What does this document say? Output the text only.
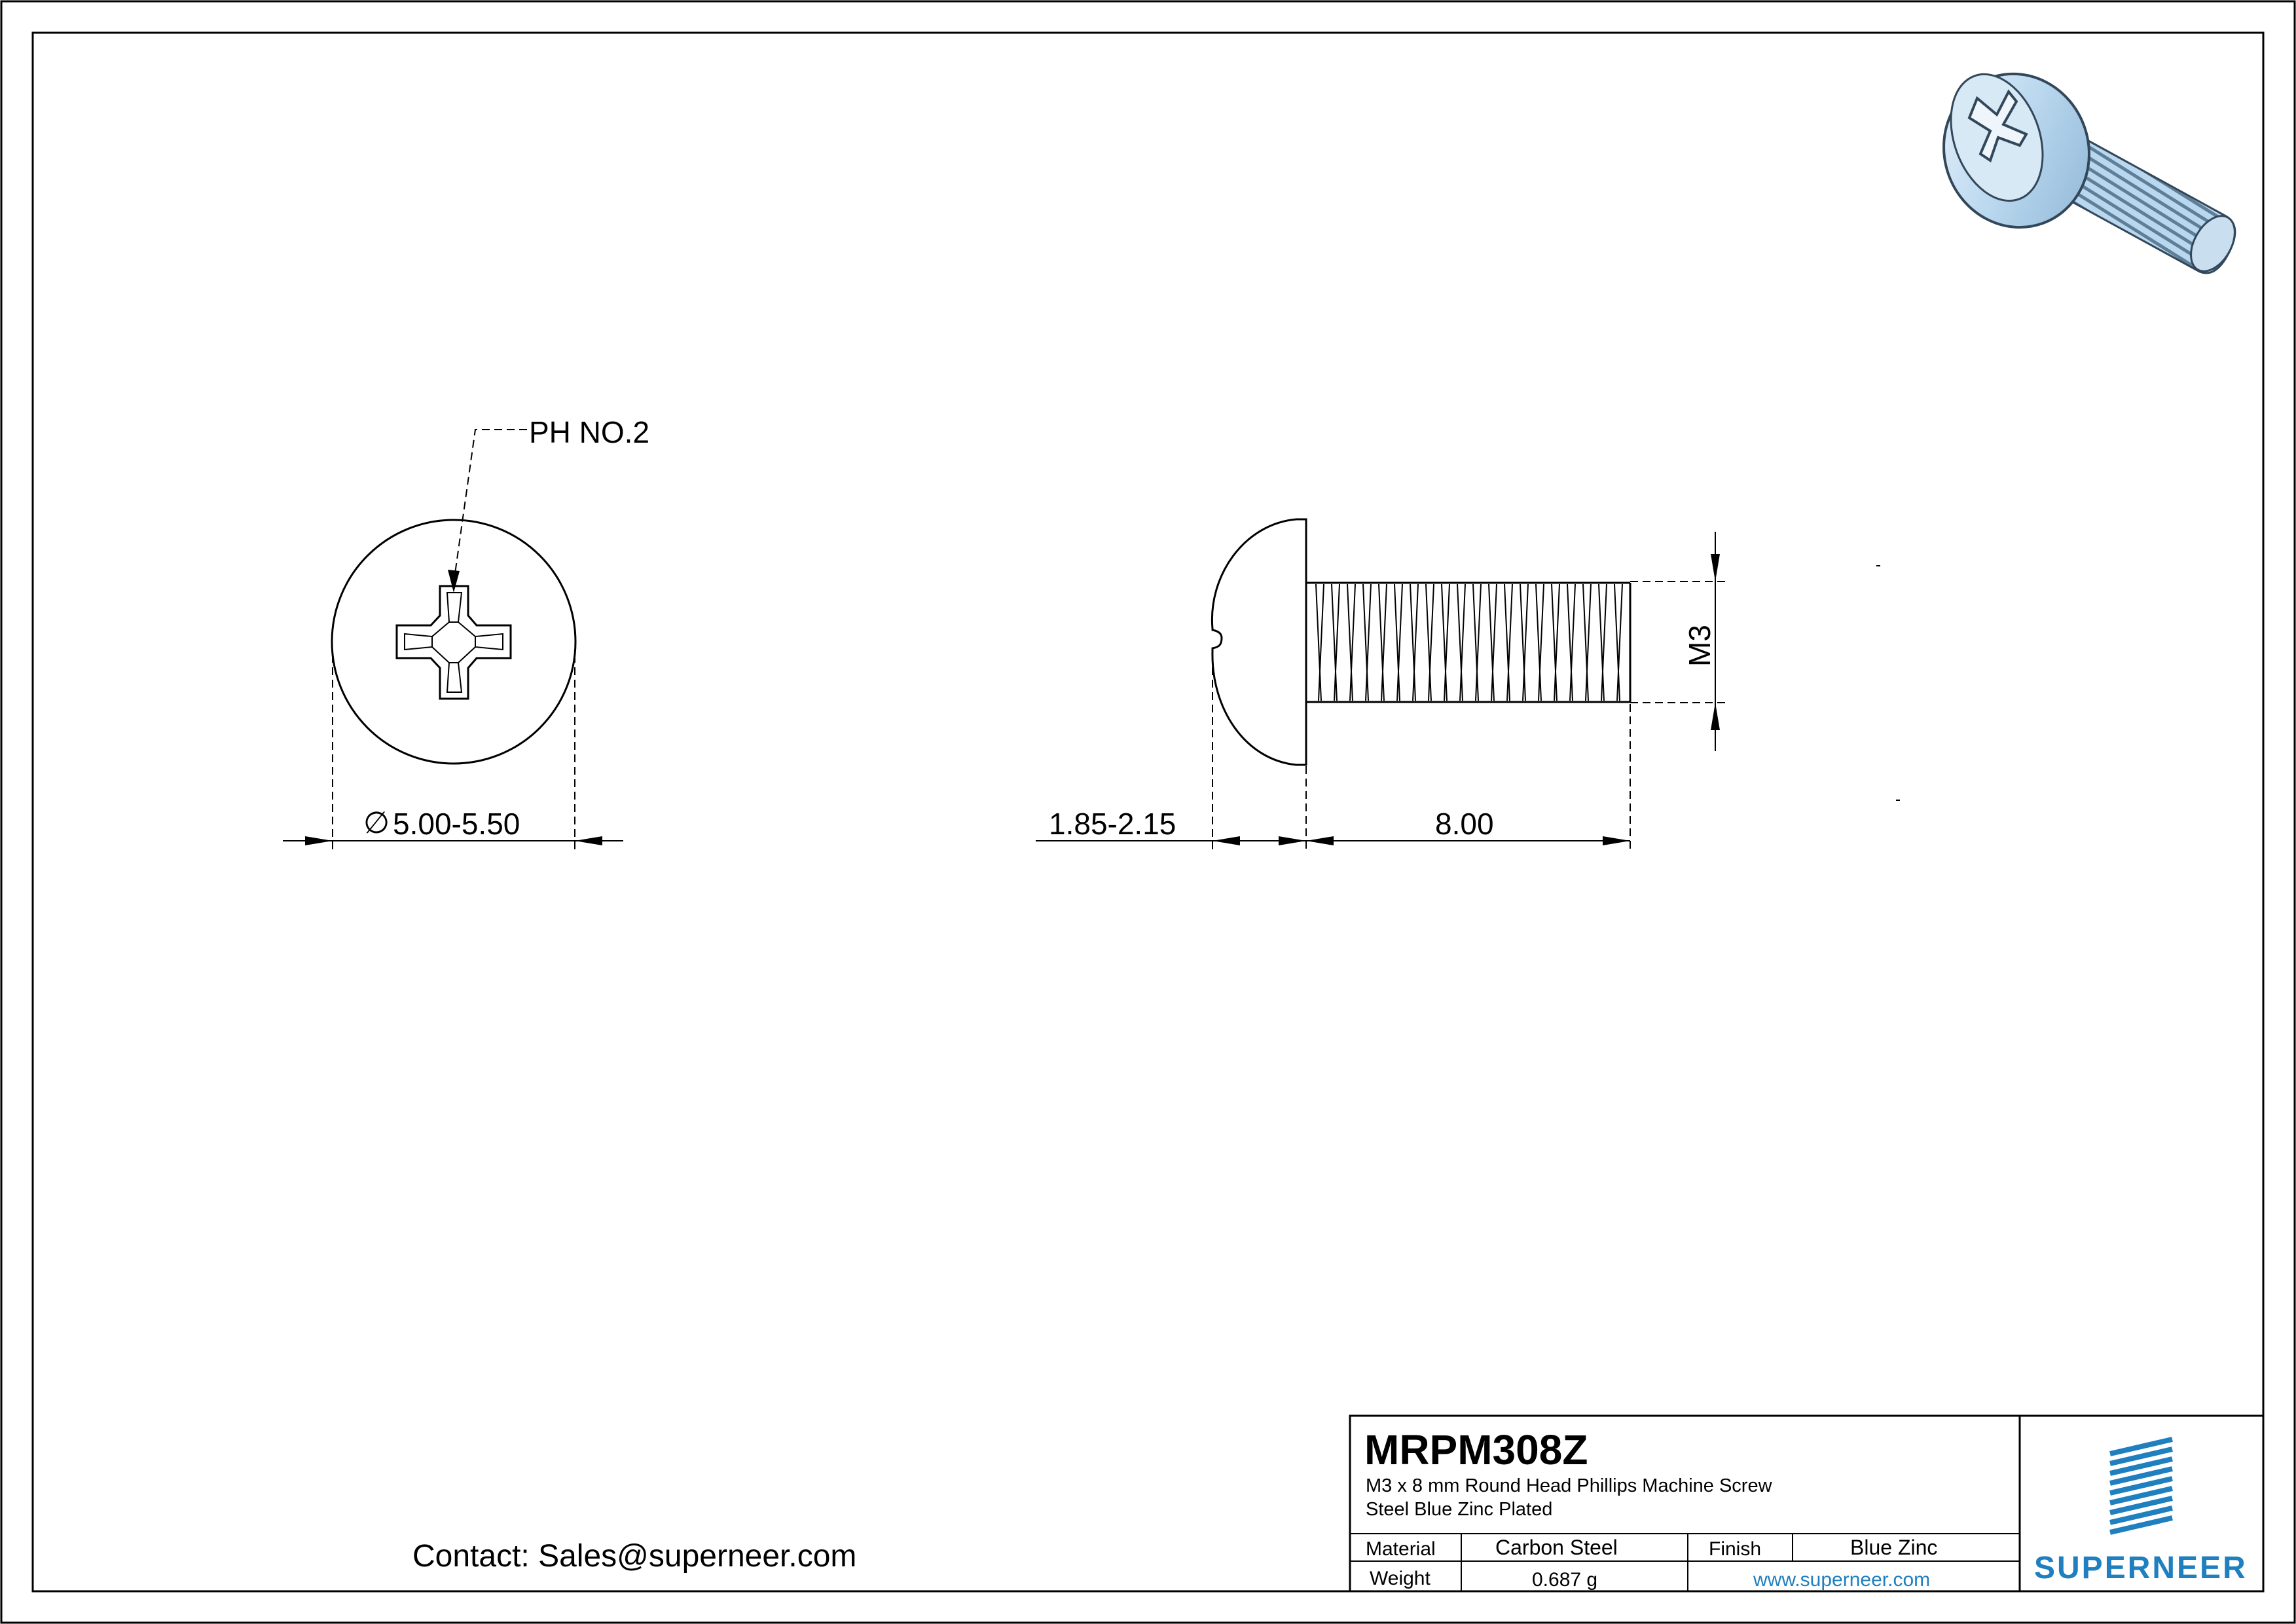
PH NO.2
∅ 5.00-5.50
M3
1.85-2.15	8.00
Contact: Sales@superneer.com
MRPM308Z
M3 x 8 mm Round Head Phillips Machine Screw
Steel Blue Zinc Plated
Material	Carbon Steel	Finish	Blue Zinc
Weight	0.687 g	www.superneer.com	SUPERNEER
